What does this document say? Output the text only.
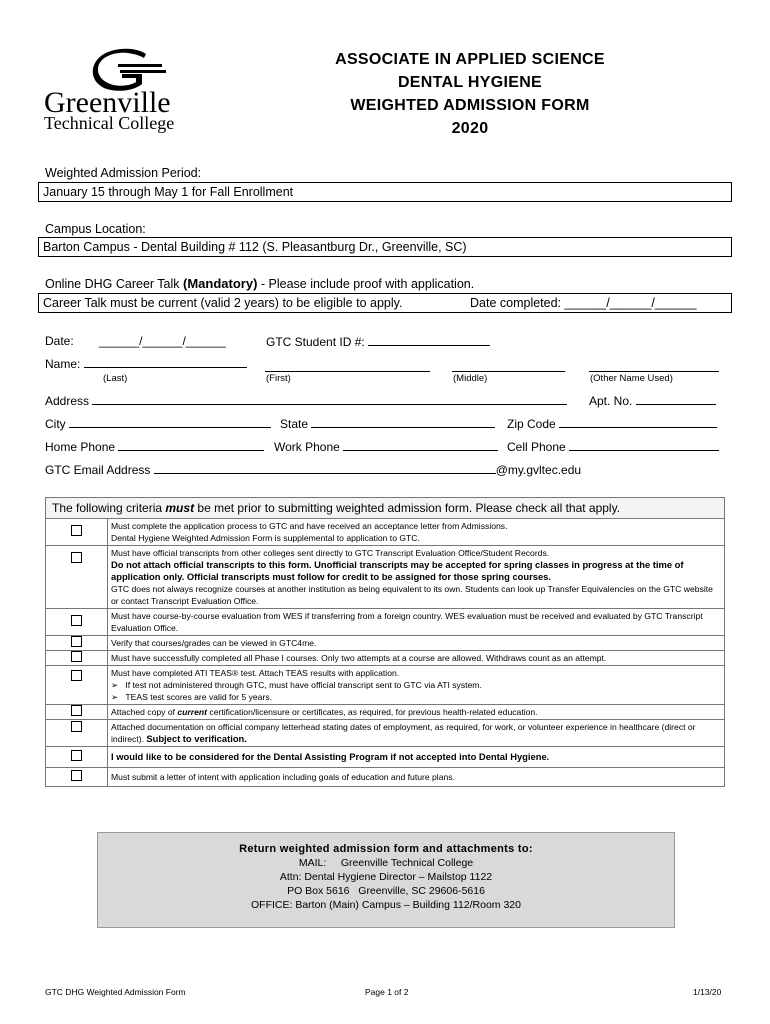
Greenville
Technical College
ASSOCIATE IN APPLIED SCIENCE
DENTAL HYGIENE
WEIGHTED ADMISSION FORM
2020
Weighted Admission Period:
January 15 through May 1 for Fall Enrollment
Campus Location:
Barton Campus - Dental Building # 112 (S. Pleasantburg Dr., Greenville, SC)
Online DHG Career Talk (Mandatory) - Please include proof with application.
Career Talk must be current (valid 2 years) to be eligible to apply.	Date completed: ______/______/______
Date: ______/______/______	GTC Student ID #:
Name:
(Last)	(First)	(Middle)	(Other Name Used)
Address	Apt. No.
City	State	Zip Code
Home Phone	Work Phone	Cell Phone
GTC Email Address	@my.gvltec.edu
The following criteria must be met prior to submitting weighted admission form. Please check all that apply.	

	Must complete the application process to GTC and have received an acceptance letter from Admissions.
Dental Hygiene Weighted Admission Form is supplemental to application to GTC.

	Must have official transcripts from other colleges sent directly to GTC Transcript Evaluation Office/Student Records.
Do not attach official transcripts to this form. Unofficial transcripts may be accepted for spring classes in progress at the time of application only. Official transcripts must follow for credit to be assigned for those spring courses.
GTC does not always recognize courses at another institution as being equivalent to its own. Students can look up Transfer Equivalencies on the GTC website or contact Transcript Evaluation Office.

	Must have course-by-course evaluation from WES if transferring from a foreign country. WES evaluation must be received and evaluated by GTC Transcript Evaluation Office.

	Verify that courses/grades can be viewed in GTC4me.

	Must have successfully completed all Phase I courses. Only two attempts at a course are allowed. Withdraws count as an attempt.

	Must have completed ATI TEAS® test. Attach TEAS results with application.
➢ If test not administered through GTC, must have official transcript sent to GTC via ATI system.
➢ TEAS test scores are valid for 5 years.

	Attached copy of current certification/licensure or certificates, as required, for previous health-related education.
	Attached documentation on official company letterhead stating dates of employment, as required, for work, or volunteer experience in healthcare (direct or indirect). Subject to verification.

	I would like to be considered for the Dental Assisting Program if not accepted into Dental Hygiene.

	Must submit a letter of intent with application including goals of education and future plans.
Return weighted admission form and attachments to:
MAIL:     Greenville Technical College
Attn: Dental Hygiene Director – Mailstop 1122
PO Box 5616   Greenville, SC 29606-5616
OFFICE: Barton (Main) Campus – Building 112/Room 320
GTC DHG Weighted Admission Form	Page 1 of 2	1/13/20
